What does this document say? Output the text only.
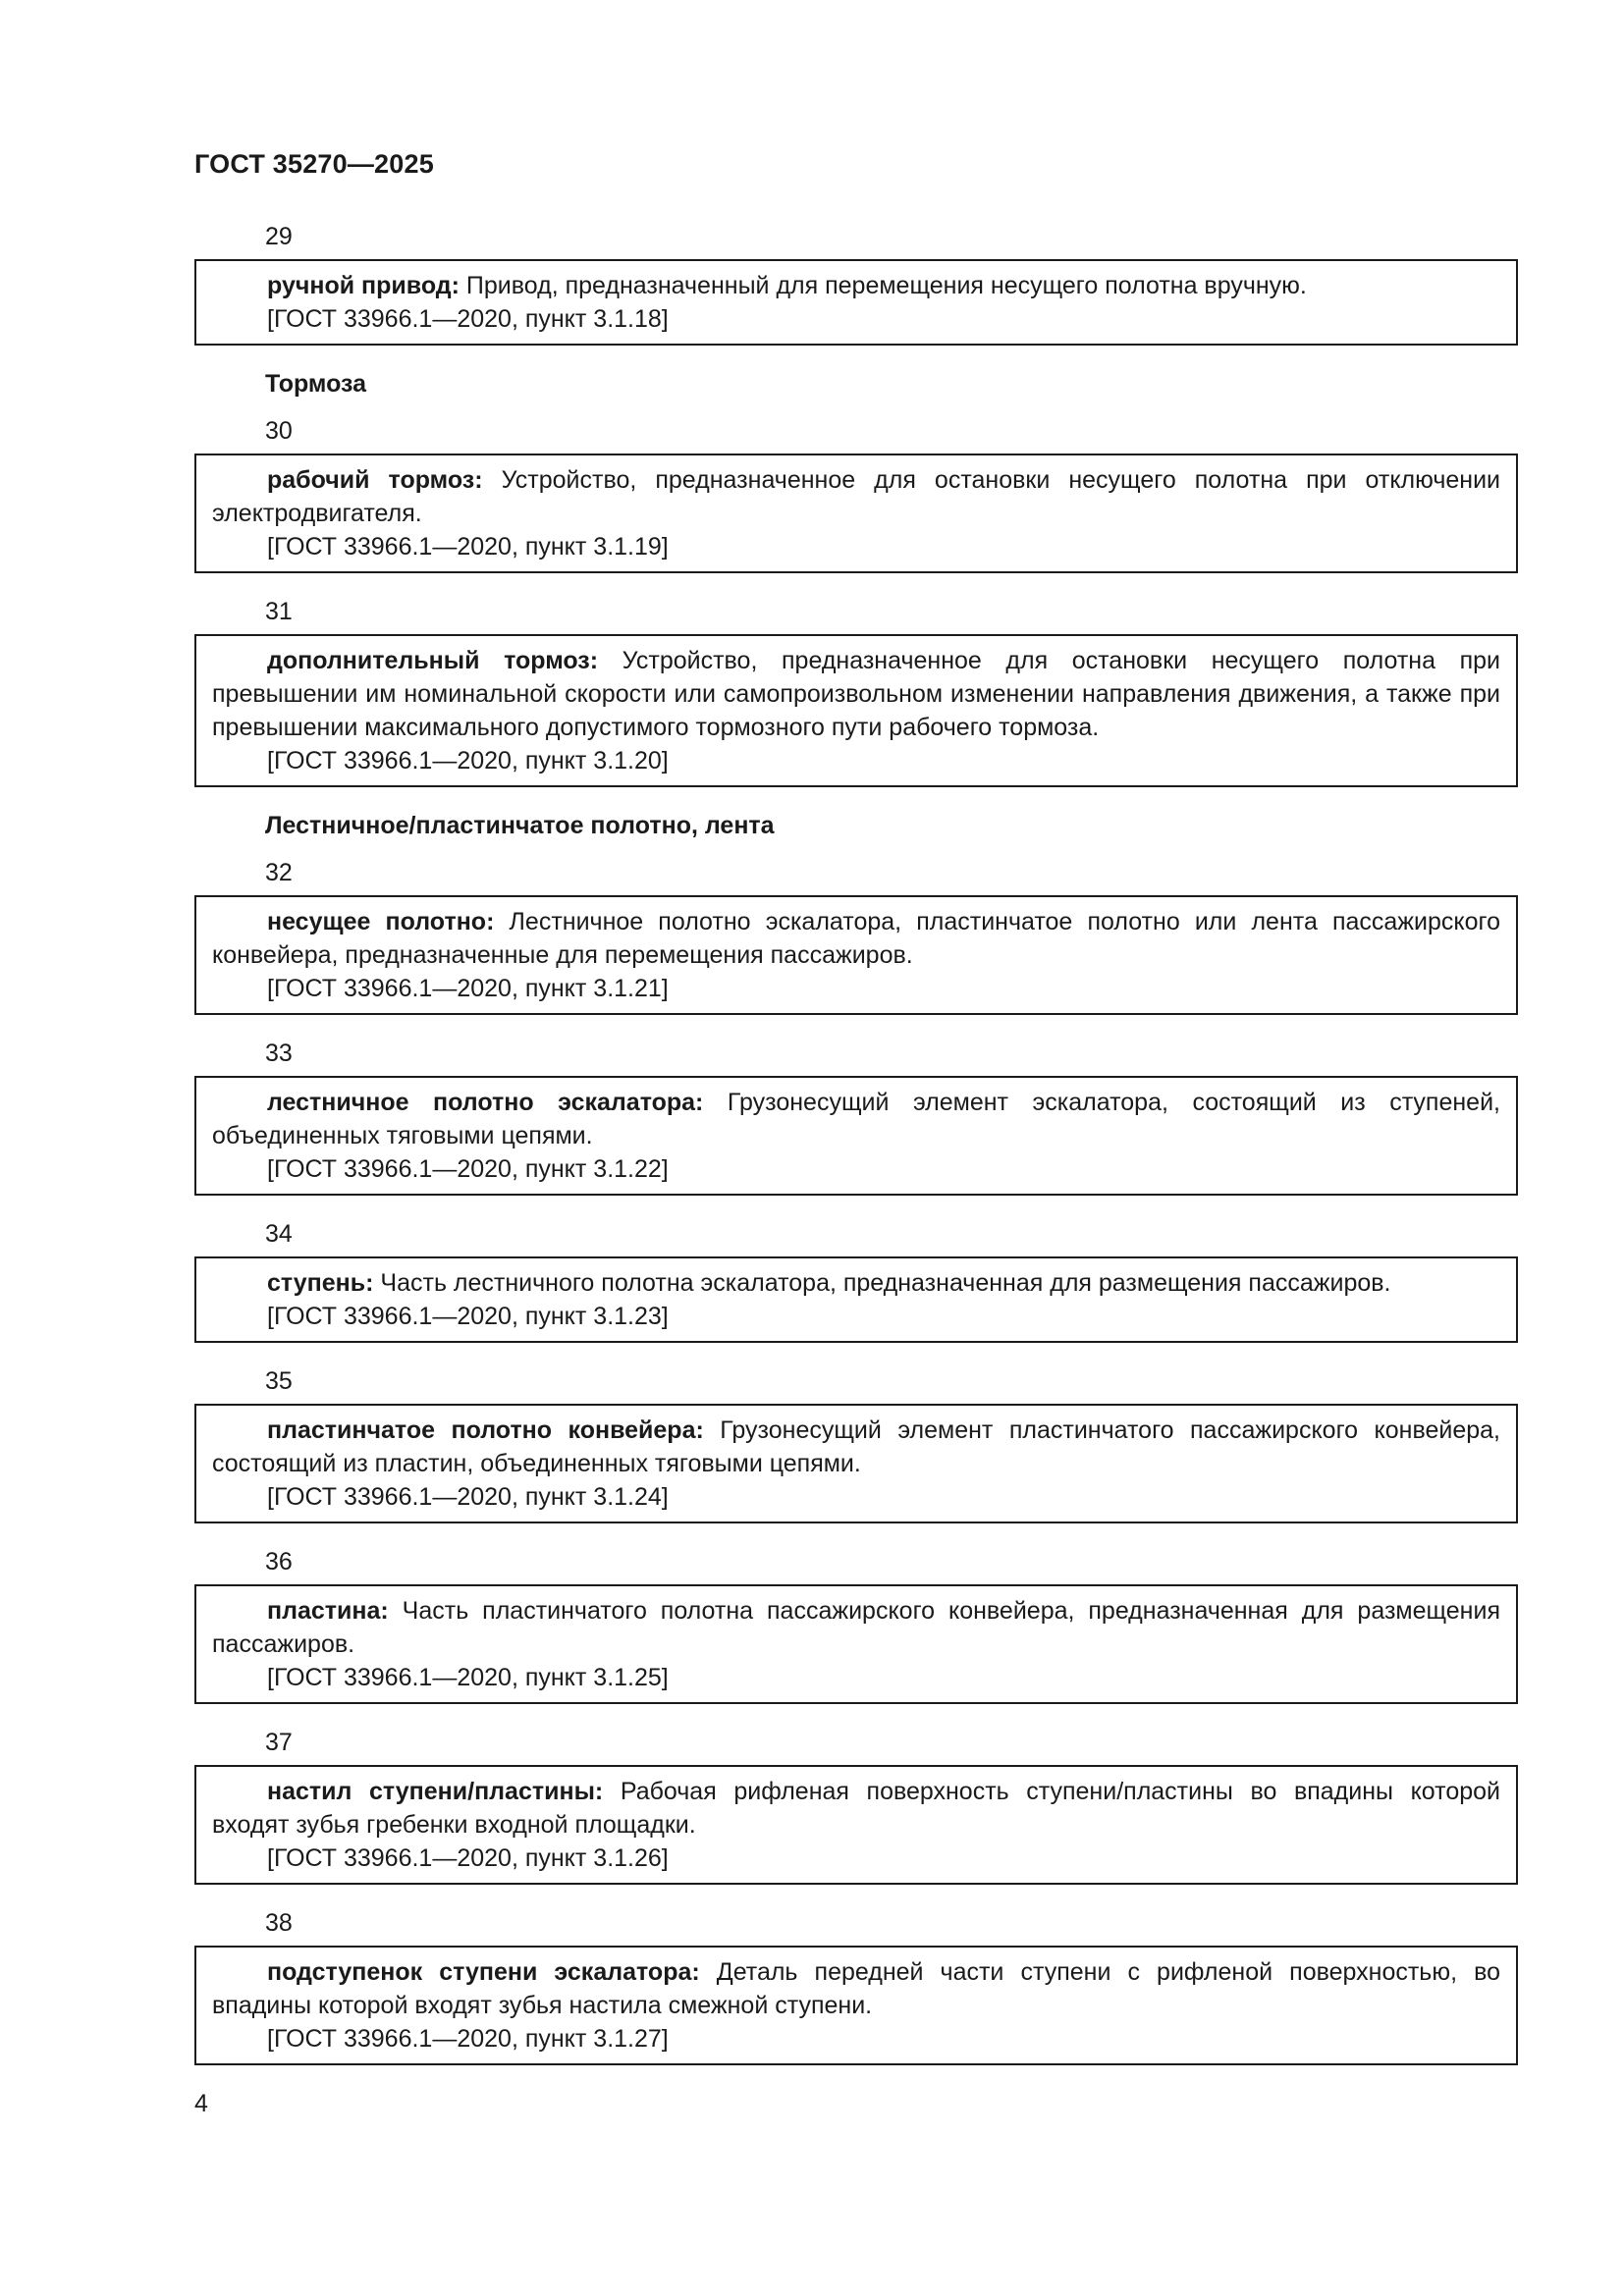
ГОСТ 35270—2025
29

ручной привод: Привод, предназначенный для перемещения несущего полотна вручную.

[ГОСТ 33966.1—2020, пункт 3.1.18]

Тормоза
30

рабочий тормоз: Устройство, предназначенное для остановки несущего полотна при отключении электродвигателя.

[ГОСТ 33966.1—2020, пункт 3.1.19]

31

дополнительный тормоз: Устройство, предназначенное для остановки несущего полотна при превышении им номинальной скорости или самопроизвольном изменении направления движения, а также при превышении максимального допустимого тормозного пути рабочего тормоза.

[ГОСТ 33966.1—2020, пункт 3.1.20]

Лестничное/пластинчатое полотно, лента
32

несущее полотно: Лестничное полотно эскалатора, пластинчатое полотно или лента пассажирского конвейера, предназначенные для перемещения пассажиров.

[ГОСТ 33966.1—2020, пункт 3.1.21]

33

лестничное полотно эскалатора: Грузонесущий элемент эскалатора, состоящий из ступеней, объединенных тяговыми цепями.

[ГОСТ 33966.1—2020, пункт 3.1.22]

34

ступень: Часть лестничного полотна эскалатора, предназначенная для размещения пассажиров.

[ГОСТ 33966.1—2020, пункт 3.1.23]

35

пластинчатое полотно конвейера: Грузонесущий элемент пластинчатого пассажирского конвейера, состоящий из пластин, объединенных тяговыми цепями.

[ГОСТ 33966.1—2020, пункт 3.1.24]

36

пластина: Часть пластинчатого полотна пассажирского конвейера, предназначенная для размещения пассажиров.

[ГОСТ 33966.1—2020, пункт 3.1.25]

37

настил ступени/пластины: Рабочая рифленая поверхность ступени/пластины во впадины которой входят зубья гребенки входной площадки.

[ГОСТ 33966.1—2020, пункт 3.1.26]

38

подступенок ступени эскалатора: Деталь передней части ступени с рифленой поверхностью, во впадины которой входят зубья настила смежной ступени.

[ГОСТ 33966.1—2020, пункт 3.1.27]

4
